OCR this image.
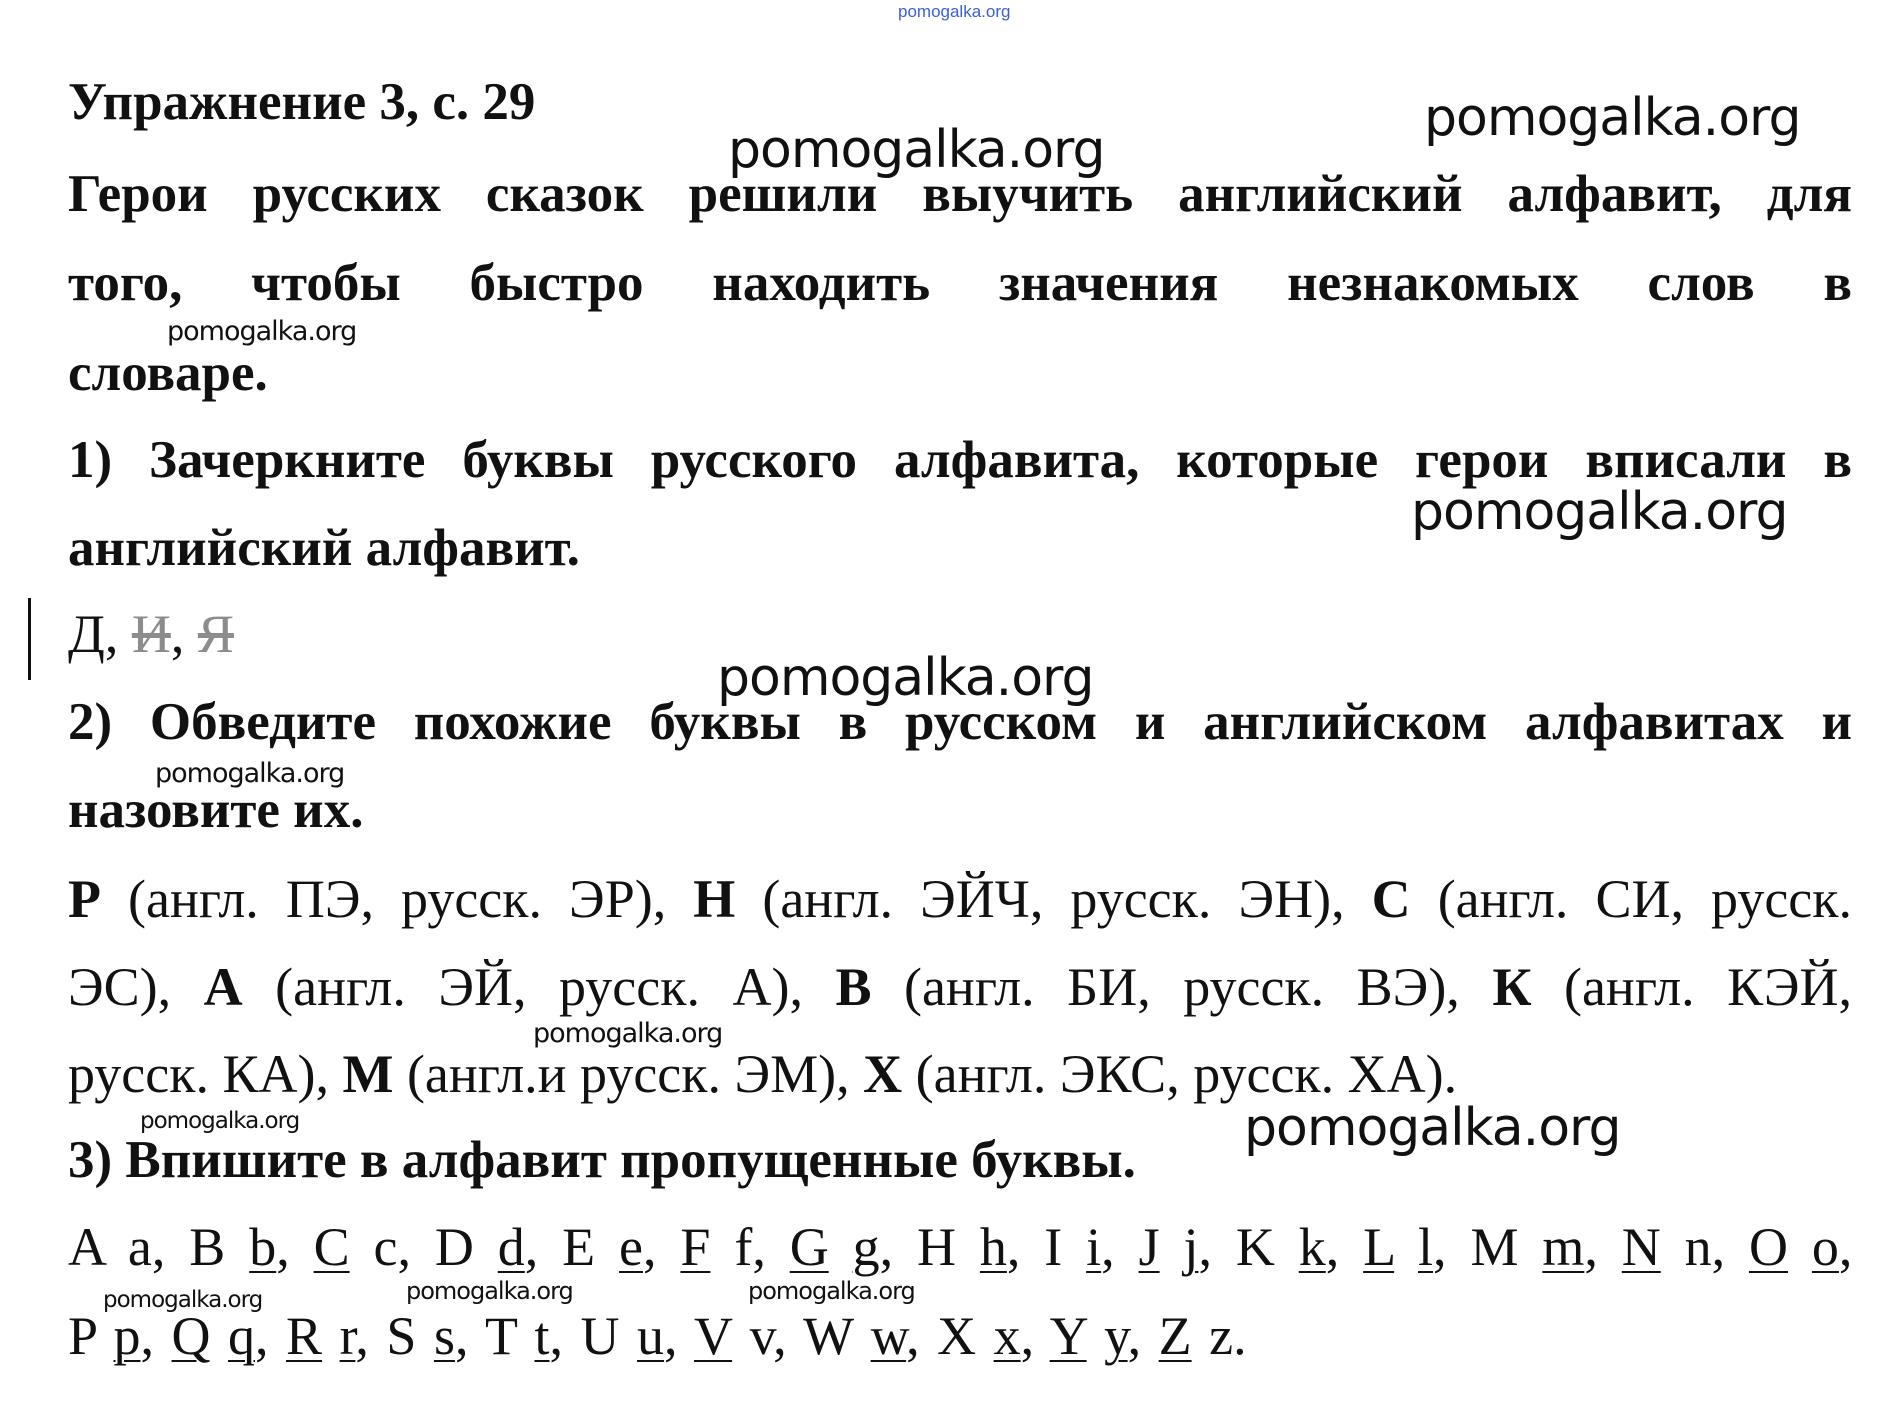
pomogalka.org
pomogalka.org
pomogalka.org
pomogalka.org
pomogalka.org
pomogalka.org
pomogalka.org
pomogalka.org
pomogalka.org	pomogalka.org
pomogalka.org	pomogalka.org	pomogalka.org
Упражнение 3, с. 29
Герои русских сказок решили выучить английский алфавит, для
того, чтобы быстро находить значения незнакомых слов в
словаре.
1) Зачеркните буквы русского алфавита, которые герои вписали в
английский алфавит.
Д, И, Я
2) Обведите похожие буквы в русском и английском алфавитах и
назовите их.
P (англ. ПЭ, русск. ЭР), H (англ. ЭЙЧ, русск. ЭН), C (англ. СИ, русск.
ЭС), A (англ. ЭЙ, русск. А), B (англ. БИ, русск. ВЭ), К (англ. КЭЙ,
русск. КА), M (англ.и русск. ЭМ), X (англ. ЭКС, русск. ХА).
3) Впишите в алфавит пропущенные буквы.
A a, B b, C c, D d, E e, F f, G g, H h, I i, J j, K k, L l, M m, N n, O o,
P p, Q q, R r, S s, T t, U u, V v, W w, X x, Y y, Z z.
